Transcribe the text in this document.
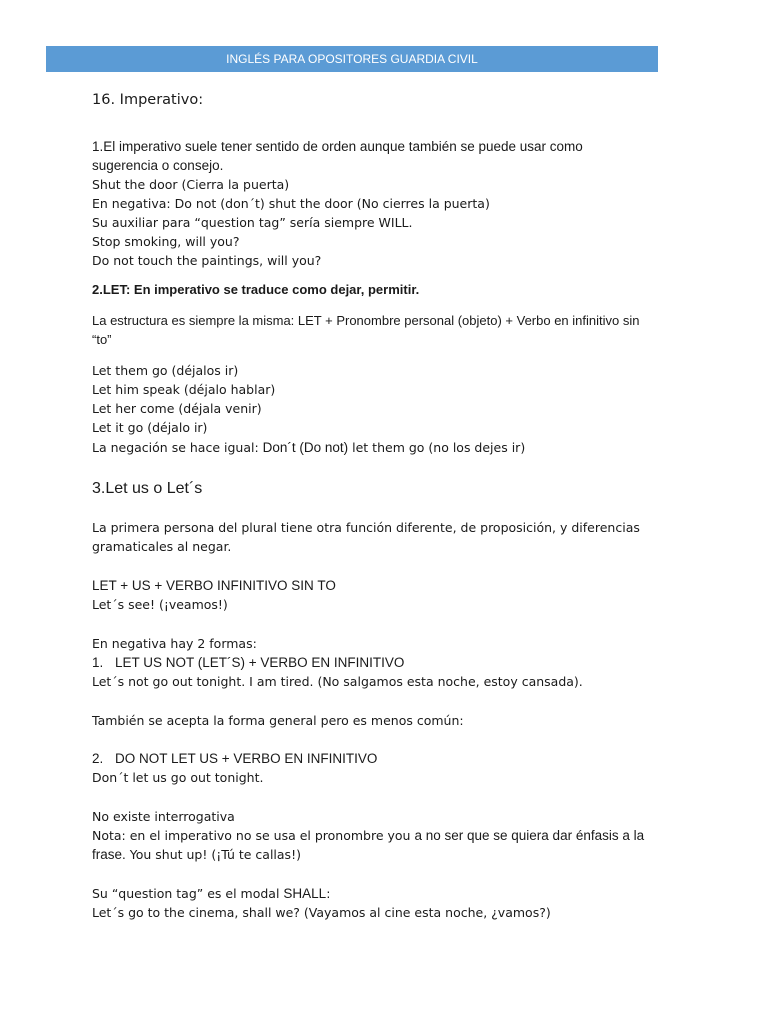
INGLÉS PARA OPOSITORES GUARDIA CIVIL
16. Imperativo:
1.El imperativo suele tener sentido de orden aunque también se puede usar como
sugerencia o consejo.
Shut the door (Cierra la puerta)
En negativa: Do not (don´t) shut the door (No cierres la puerta)
Su auxiliar para “question tag” sería siempre WILL.
Stop smoking, will you?
Do not touch the paintings, will you?
2.LET: En imperativo se traduce como dejar, permitir.
La estructura es siempre la misma: LET + Pronombre personal (objeto) + Verbo en infinitivo sin
“to”
Let them go (déjalos ir)
Let him speak (déjalo hablar)
Let her come (déjala venir)
Let it go (déjalo ir)
La negación se hace igual: Don´t (Do not) let them go (no los dejes ir)
3.Let us o Let´s
La primera persona del plural tiene otra función diferente, de proposición, y diferencias
gramaticales al negar.
LET + US + VERBO INFINITIVO SIN TO
Let´s see! (¡veamos!)
En negativa hay 2 formas:
1. LET US NOT (LET´S) + VERBO EN INFINITIVO
Let´s not go out tonight. I am tired. (No salgamos esta noche, estoy cansada).
También se acepta la forma general pero es menos común:
2. DO NOT LET US + VERBO EN INFINITIVO
Don´t let us go out tonight.
No existe interrogativa
Nota: en el imperativo no se usa el pronombre you a no ser que se quiera dar énfasis a la
frase. You shut up! (¡Tú te callas!)
Su “question tag” es el modal SHALL:
Let´s go to the cinema, shall we? (Vayamos al cine esta noche, ¿vamos?)
